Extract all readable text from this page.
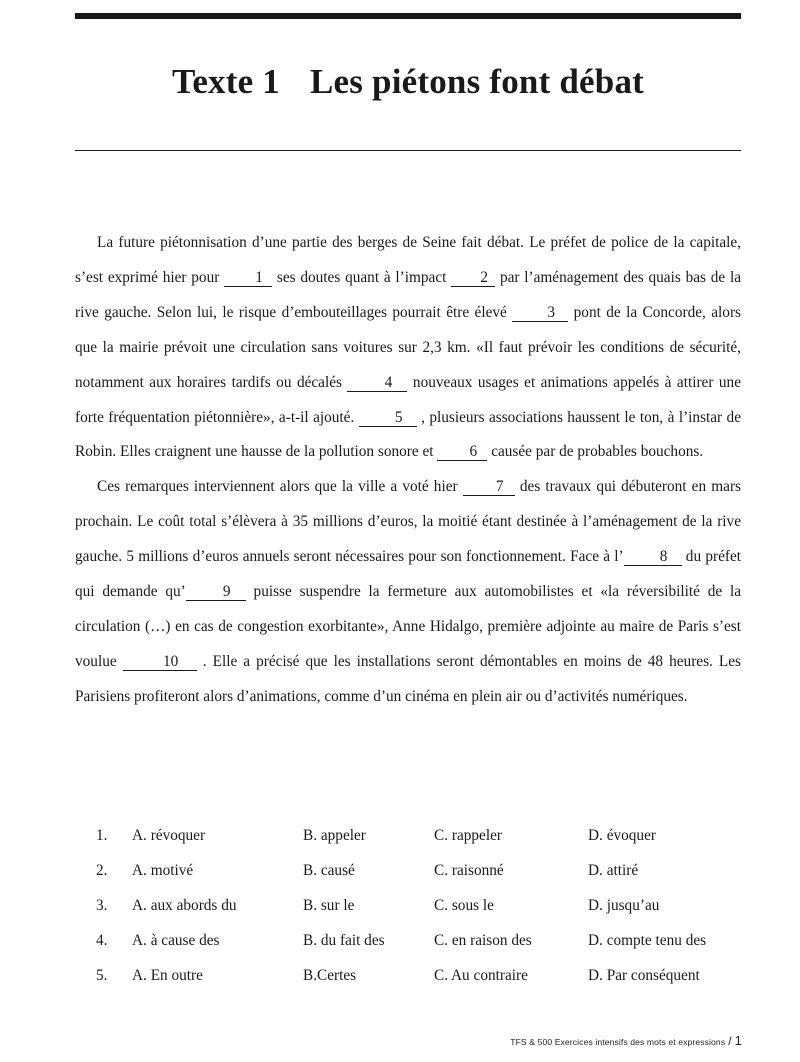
Texte 1 Les piétons font débat

La future piétonnisation d’une partie des berges de Seine fait débat. Le préfet de police de la capitale, s’est exprimé hier pour 1 ses doutes quant à l’impact 2 par l’aménagement des quais bas de la rive gauche. Selon lui, le risque d’embouteillages pourrait être élevé 3 pont de la Concorde, alors que la mairie prévoit une circulation sans voitures sur 2,3 km. «Il faut prévoir les conditions de sécurité, notamment aux horaires tardifs ou décalés 4 nouveaux usages et animations appelés à attirer une forte fréquentation piétonnière», a-t-il ajouté. 5 , plusieurs associations haussent le ton, à l’instar de Robin. Elles craignent une hausse de la pollution sonore et 6 causée par de probables bouchons.

Ces remarques interviennent alors que la ville a voté hier 7 des travaux qui débuteront en mars prochain. Le coût total s’élèvera à 35 millions d’euros, la moitié étant destinée à l’aménagement de la rive gauche. 5 millions d’euros annuels seront nécessaires pour son fonctionnement. Face à l’ 8 du préfet qui demande qu’ 9 puisse suspendre la fermeture aux automobilistes et «la réversibilité de la circulation (…) en cas de congestion exorbitante», Anne Hidalgo, première adjointe au maire de Paris s’est voulue	10 . Elle a précisé que les installations seront démontables en moins de 48 heures. Les Parisiens profiteront alors d’animations, comme d’un cinéma en plein air ou d’activités numériques.

1. A. révoquer	B. appeler	C. rappeler	D. évoquer
2. A. motivé	B. causé	C. raisonné	D. attiré
3. A. aux abords du	B. sur le	C. sous le	D. jusqu’au
4. A. à cause des	B. du fait des	C. en raison des	D. compte tenu des
5. A. En outre	B.Certes	C. Au contraire	D. Par conséquent
TFS & 500 Exercices intensifs des mots et expressions / 1
